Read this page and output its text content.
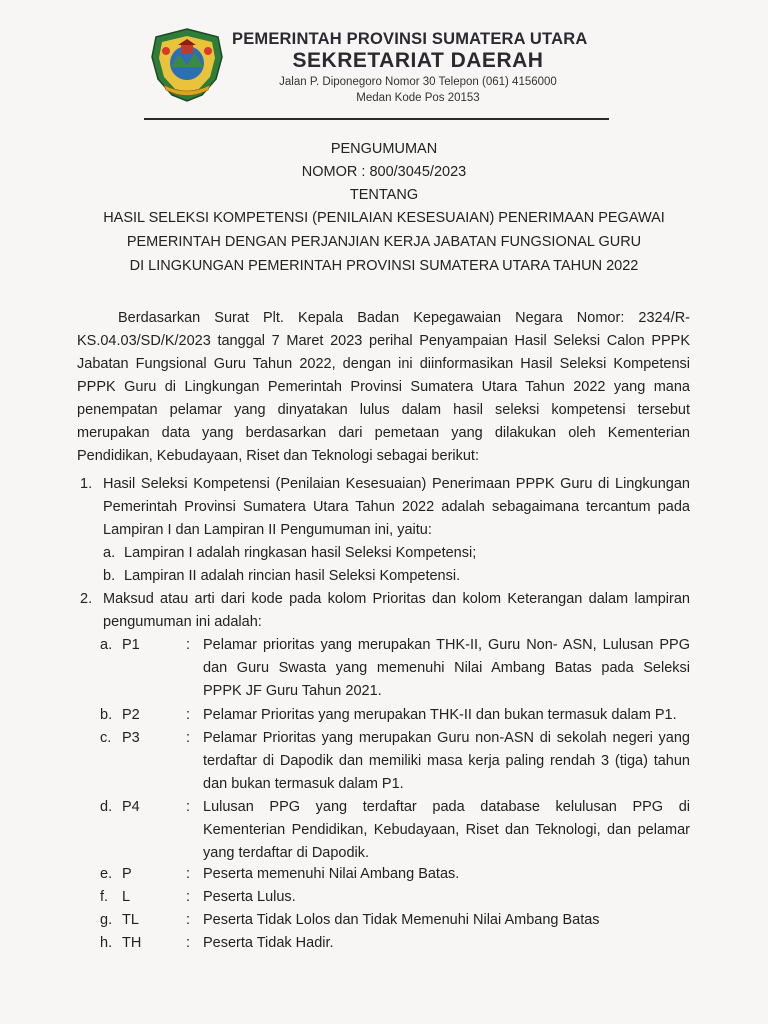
PEMERINTAH PROVINSI SUMATERA UTARA
SEKRETARIAT DAERAH
Jalan P. Diponegoro Nomor 30 Telepon (061) 4156000
Medan Kode Pos 20153
PENGUMUMAN
NOMOR : 800/3045/2023
TENTANG
HASIL SELEKSI KOMPETENSI (PENILAIAN KESESUAIAN) PENERIMAAN PEGAWAI
PEMERINTAH DENGAN PERJANJIAN KERJA JABATAN FUNGSIONAL GURU
DI LINGKUNGAN PEMERINTAH PROVINSI SUMATERA UTARA TAHUN 2022
Berdasarkan Surat Plt. Kepala Badan Kepegawaian Negara Nomor: 2324/R-
KS.04.03/SD/K/2023 tanggal 7 Maret 2023 perihal Penyampaian Hasil Seleksi Calon PPPK
Jabatan Fungsional Guru Tahun 2022, dengan ini diinformasikan Hasil Seleksi Kompetensi
PPPK Guru di Lingkungan Pemerintah Provinsi Sumatera Utara Tahun 2022 yang mana
penempatan pelamar yang dinyatakan lulus dalam hasil seleksi kompetensi tersebut
merupakan data yang berdasarkan dari pemetaan yang dilakukan oleh Kementerian
Pendidikan, Kebudayaan, Riset dan Teknologi sebagai berikut:
1. Hasil Seleksi Kompetensi (Penilaian Kesesuaian) Penerimaan PPPK Guru di Lingkungan
Pemerintah Provinsi Sumatera Utara Tahun 2022 adalah sebagaimana tercantum pada
Lampiran I dan Lampiran II Pengumuman ini, yaitu:
a. Lampiran I adalah ringkasan hasil Seleksi Kompetensi;
b. Lampiran II adalah rincian hasil Seleksi Kompetensi.
2. Maksud atau arti dari kode pada kolom Prioritas dan kolom Keterangan dalam lampiran
pengumuman ini adalah:
a. P1	: Pelamar prioritas yang merupakan THK-II, Guru Non- ASN, Lulusan PPG
dan Guru Swasta yang memenuhi Nilai Ambang Batas pada Seleksi
PPPK JF Guru Tahun 2021.
b. P2	: Pelamar Prioritas yang merupakan THK-II dan bukan termasuk dalam P1.
c. P3	: Pelamar Prioritas yang merupakan Guru non-ASN di sekolah negeri yang
terdaftar di Dapodik dan memiliki masa kerja paling rendah 3 (tiga) tahun
dan bukan termasuk dalam P1.
d. P4	: Lulusan PPG yang terdaftar pada database kelulusan PPG di
Kementerian Pendidikan, Kebudayaan, Riset dan Teknologi, dan pelamar
yang terdaftar di Dapodik.
e. P	: Peserta memenuhi Nilai Ambang Batas.
f. L	: Peserta Lulus.
g. TL	: Peserta Tidak Lolos dan Tidak Memenuhi Nilai Ambang Batas
h. TH	: Peserta Tidak Hadir.
